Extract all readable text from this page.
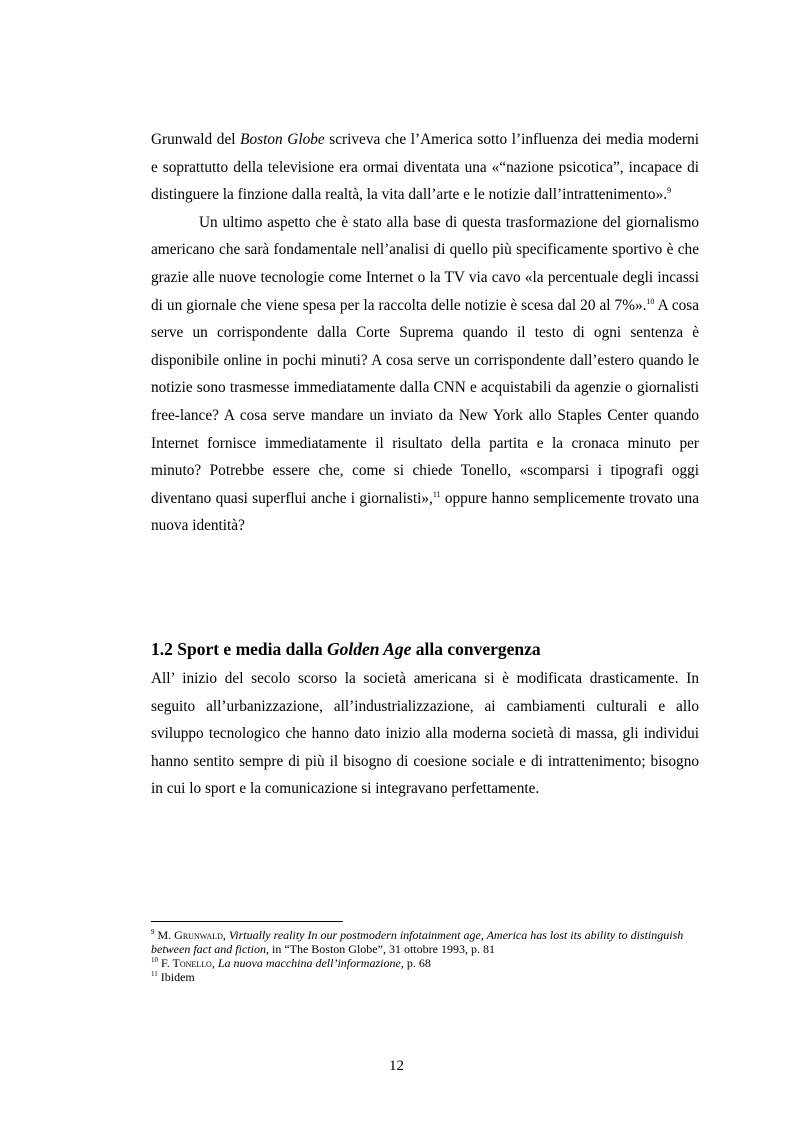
Grunwald del Boston Globe scriveva che l’America sotto l’influenza dei media moderni e soprattutto della televisione era ormai diventata una «“nazione psicotica”, incapace di distinguere la finzione dalla realtà, la vita dall’arte e le notizie dall’intrattenimento».$^9$

Un ultimo aspetto che è stato alla base di questa trasformazione del giornalismo americano che sarà fondamentale nell’analisi di quello più specificamente sportivo è che grazie alle nuove tecnologie come Internet o la TV via cavo «la percentuale degli incassi di un giornale che viene spesa per la raccolta delle notizie è scesa dal 20 al 7%».$^{10}$ A cosa serve un corrispondente dalla Corte Suprema quando il testo di ogni sentenza è disponibile online in pochi minuti? A cosa serve un corrispondente dall’estero quando le notizie sono trasmesse immediatamente dalla CNN e acquistabili da agenzie o giornalisti free-lance? A cosa serve mandare un inviato da New York allo Staples Center quando Internet fornisce immediatamente il risultato della partita e la cronaca minuto per minuto? Potrebbe essere che, come si chiede Tonello, «scomparsi i tipografi oggi diventano quasi superflui anche i giornalisti»,$^{11}$ oppure hanno semplicemente trovato una nuova identità?

1.2 Sport e media dalla Golden Age alla convergenza

All’ inizio del secolo scorso la società americana si è modificata drasticamente. In seguito all’urbanizzazione, all’industrializzazione, ai cambiamenti culturali e allo sviluppo tecnologico che hanno dato inizio alla moderna società di massa, gli individui hanno sentito sempre di più il bisogno di coesione sociale e di intrattenimento; bisogno in cui lo sport e la comunicazione si integravano perfettamente.

$^9$ M. Grunwald, Virtually reality In our postmodern infotainment age, America has lost its ability to distinguish between fact and fiction, in “The Boston Globe”, 31 ottobre 1993, p. 81

$^{10}$ F. Tonello, La nuova macchina dell’informazione, p. 68

$^{11}$ Ibidem

12
